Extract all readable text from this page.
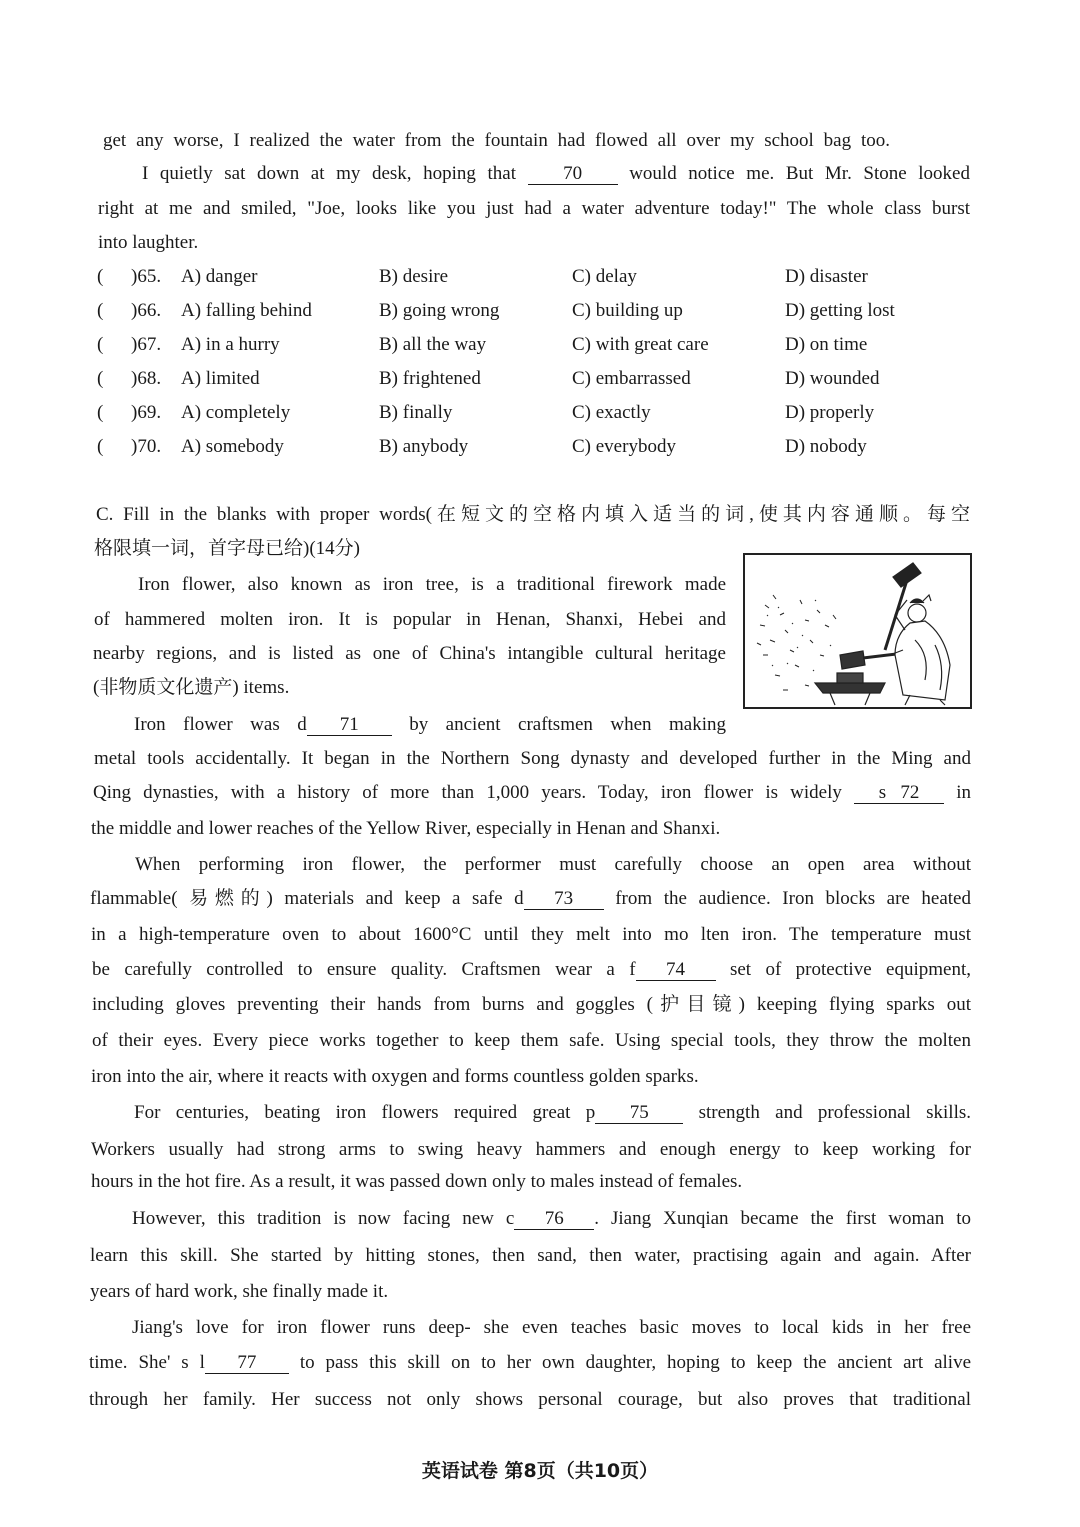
get any worse, I realized the water from the fountain had flowed all over my school bag too.
I quietly sat down at my desk, hoping that 70 would notice me. But Mr. Stone looked
right at me and smiled, "Joe, looks like you just had a water adventure today!" The whole class burst
into laughter.
( )65. A) danger	B) desire	C) delay	D) disaster
( )66. A) falling behind	B) going wrong	C) building up	D) getting lost
( )67. A) in a hurry	B) all the way	C) with great care	D) on time
( )68. A) limited	B) frightened	C) embarrassed	D) wounded
( )69. A) completely	B) finally	C) exactly	D) properly
( )70. A) somebody	B) anybody	C) everybody	D) nobody
C. Fill in the blanks with proper words(在短文的空格内填入适当的词,使其内容通顺。每空
格限填一词，首字母已给)(14分)
Iron flower, also known as iron tree, is a traditional firework made
of hammered molten iron. It is popular in Henan, Shanxi, Hebei and
nearby regions, and is listed as one of China's intangible cultural heritage
(非物质文化遗产) items.
Iron flower was d 71	by ancient craftsmen when making
metal tools accidentally. It began in the Northern Song dynasty and developed further in the Ming and
Qing dynasties, with a history of more than 1,000 years. Today, iron flower is widely s 72 in
the middle and lower reaches of the Yellow River, especially in Henan and Shanxi.
When performing iron flower, the performer must carefully choose an open area without
flammable( 易燃的) materials and keep a safe d 73 from the audience. Iron blocks are heated
in a high-temperature oven to about 1600°C until they melt into mo lten iron. The temperature must
be carefully controlled to ensure quality. Craftsmen wear a f 74 set of protective equipment,
including gloves preventing their hands from burns and goggles (护目镜) keeping flying sparks out
of their eyes. Every piece works together to keep them safe. Using special tools, they throw the molten
iron into the air, where it reacts with oxygen and forms countless golden sparks.
For centuries, beating iron flowers required great p 75	strength and professional skills.
Workers usually had strong arms to swing heavy hammers and enough energy to keep working for
hours in the hot fire. As a result, it was passed down only to males instead of females.
However, this tradition is now facing new c 76 . Jiang Xunqian became the first woman to
learn this skill. She started by hitting stones, then sand, then water, practising again and again. After
years of hard work, she finally made it.
Jiang's love for iron flower runs deep- she even teaches basic moves to local kids in her free
time. She' s l 77 to pass this skill on to her own daughter, hoping to keep the ancient art alive
through her family. Her success not only shows personal courage, but also proves that traditional
英语试卷 第8页（共10页）
